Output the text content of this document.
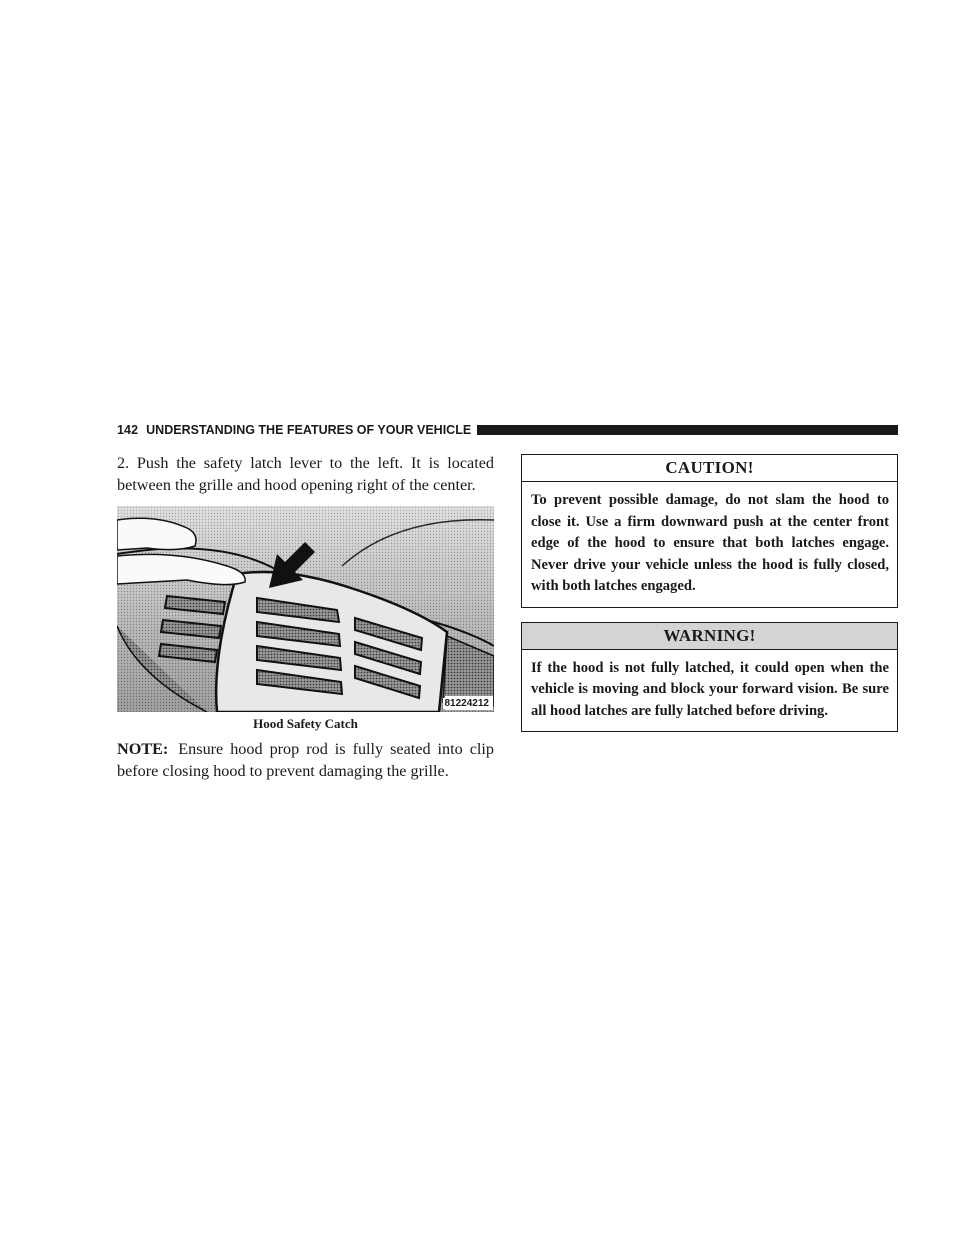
142 UNDERSTANDING THE FEATURES OF YOUR VEHICLE

2. Push the safety latch lever to the left. It is located between the grille and hood opening right of the center.

81224212
Hood Safety Catch

NOTE: Ensure hood prop rod is fully seated into clip before closing hood to prevent damaging the grille.

CAUTION!

To prevent possible damage, do not slam the hood to close it. Use a firm downward push at the center front edge of the hood to ensure that both latches engage. Never drive your vehicle unless the hood is fully closed, with both latches engaged.

WARNING!

If the hood is not fully latched, it could open when the vehicle is moving and block your forward vision. Be sure all hood latches are fully latched before driving.
